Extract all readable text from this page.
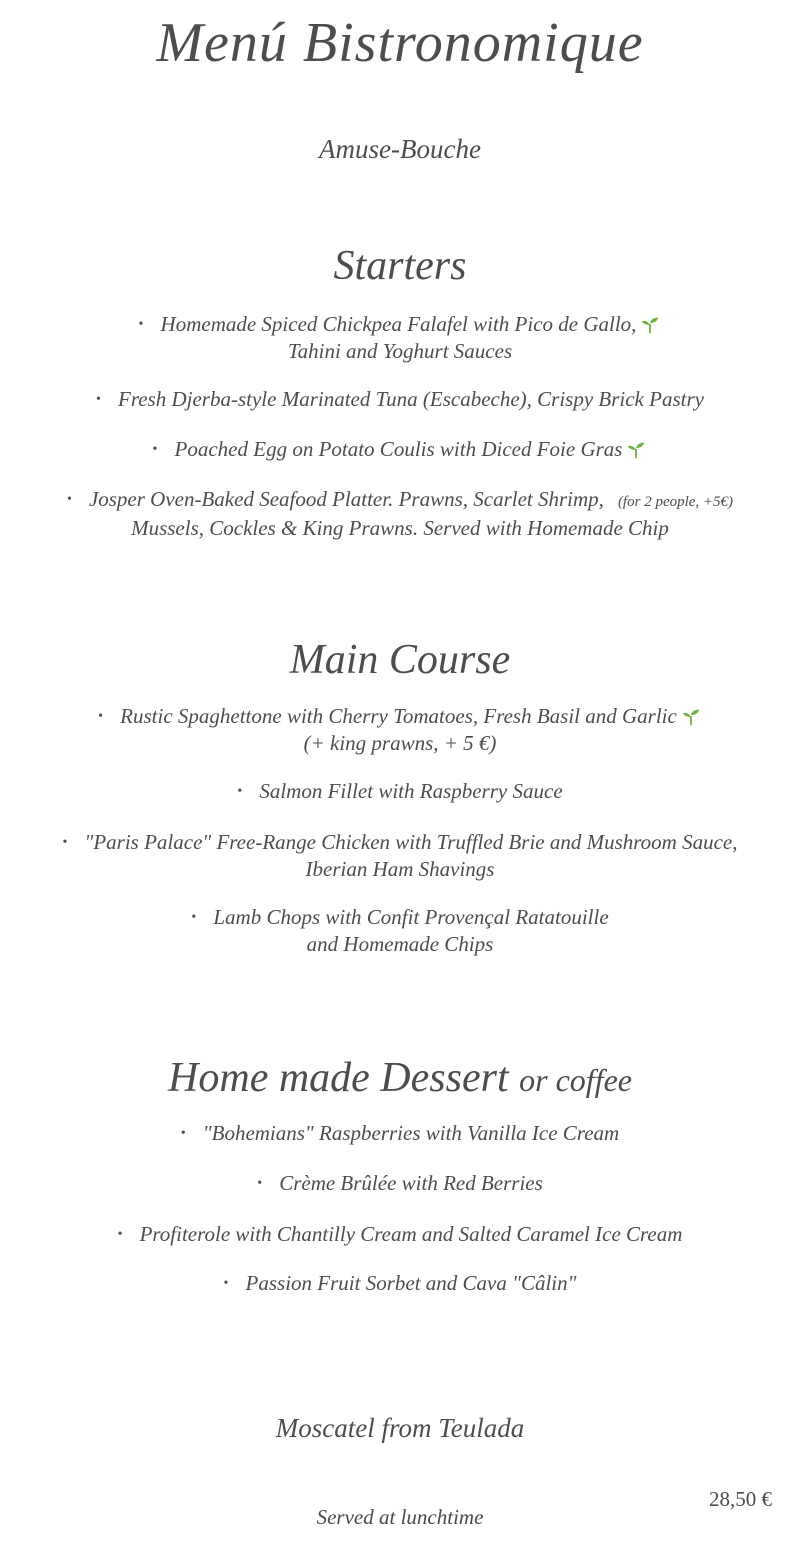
Menú Bistronomique
Amuse-Bouche
Starters
• Homemade Spiced Chickpea Falafel with Pico de Gallo,
Tahini and Yoghurt Sauces
• Fresh Djerba-style Marinated Tuna (Escabeche), Crispy Brick Pastry
• Poached Egg on Potato Coulis with Diced Foie Gras
• Josper Oven-Baked Seafood Platter. Prawns, Scarlet Shrimp, (for 2 people, +5€)
Mussels, Cockles & King Prawns. Served with Homemade Chip
Main Course
• Rustic Spaghettone with Cherry Tomatoes, Fresh Basil and Garlic
(+ king prawns, + 5 €)
• Salmon Fillet with Raspberry Sauce
• "Paris Palace" Free-Range Chicken with Truffled Brie and Mushroom Sauce,
Iberian Ham Shavings
• Lamb Chops with Confit Provençal Ratatouille
and Homemade Chips
Home made Dessert or coffee
• "Bohemians" Raspberries with Vanilla Ice Cream
• Crème Brûlée with Red Berries
• Profiterole with Chantilly Cream and Salted Caramel Ice Cream
• Passion Fruit Sorbet and Cava "Câlin"
Moscatel from Teulada
28,50 €
Served at lunchtime
